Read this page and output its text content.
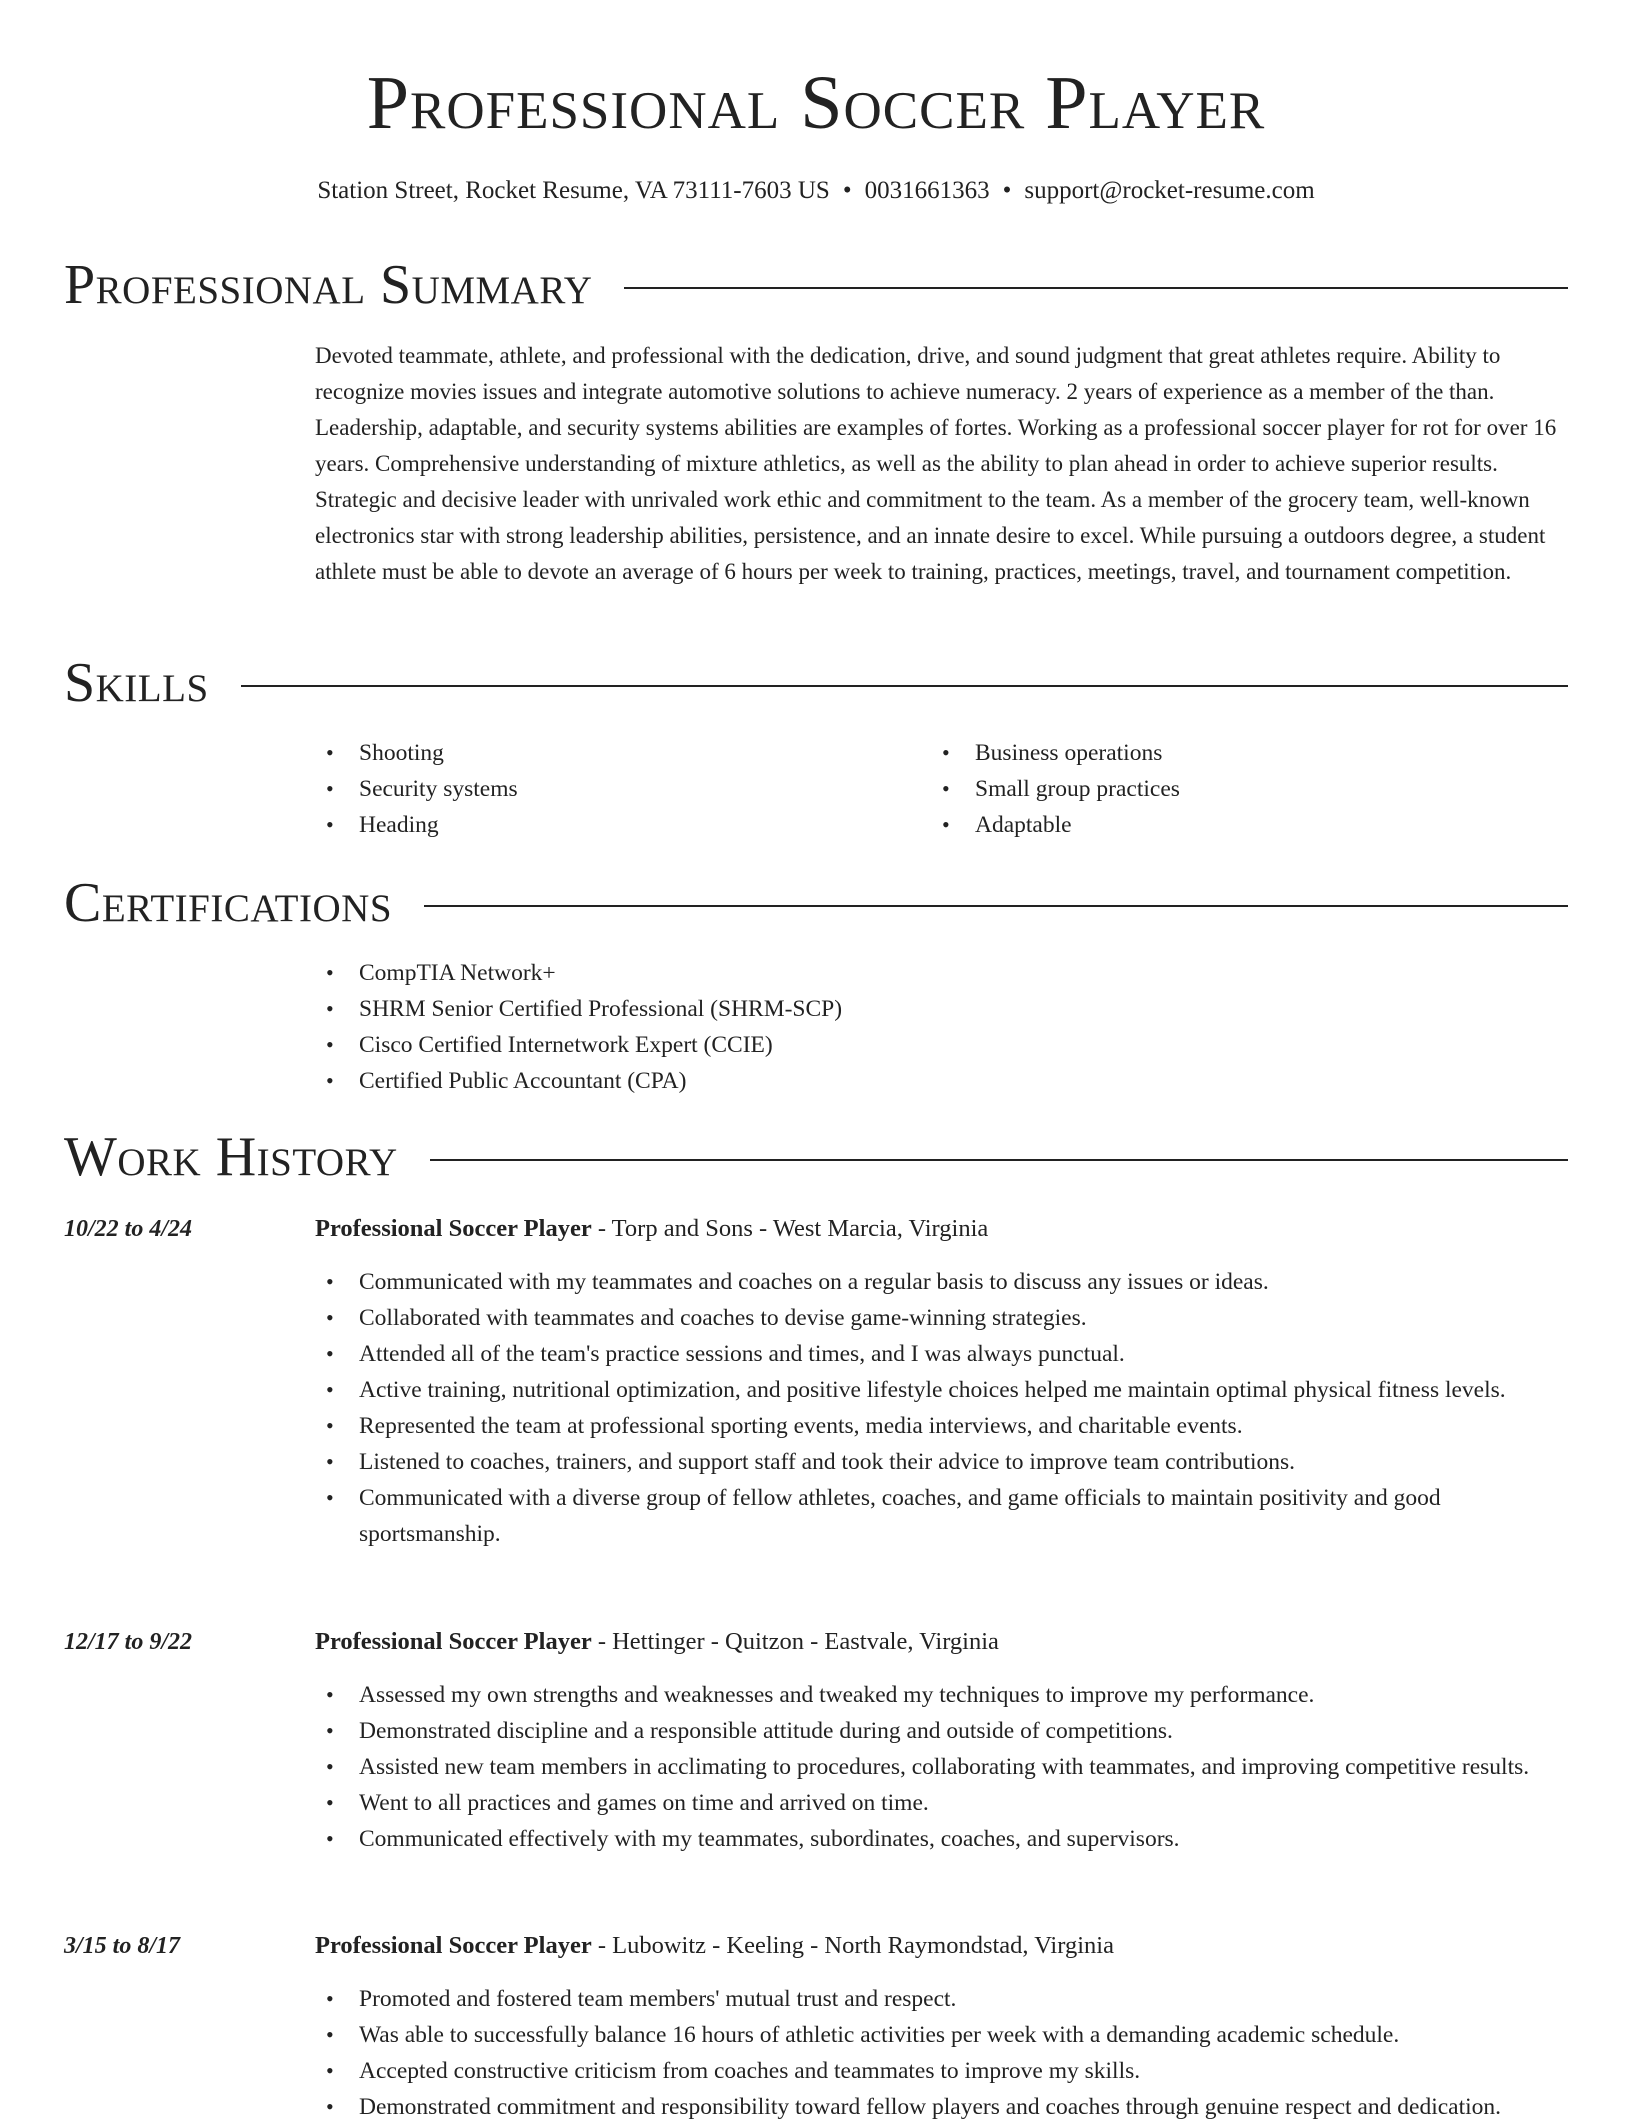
Professional Soccer Player
Station Street, Rocket Resume, VA 73111-7603 US • 0031661363 • support@rocket-resume.com
Professional Summary

Devoted teammate, athlete, and professional with the dedication, drive, and sound judgment that great athletes require. Ability to recognize movies issues and integrate automotive solutions to achieve numeracy. 2 years of experience as a member of the than. Leadership, adaptable, and security systems abilities are examples of fortes. Working as a professional soccer player for rot for over 16 years. Comprehensive understanding of mixture athletics, as well as the ability to plan ahead in order to achieve superior results. Strategic and decisive leader with unrivaled work ethic and commitment to the team. As a member of the grocery team, well-known electronics star with strong leadership abilities, persistence, and an innate desire to excel. While pursuing a outdoors degree, a student athlete must be able to devote an average of 6 hours per week to training, practices, meetings, travel, and tournament competition.

Skills
• Shooting
• Security systems
• Heading
• Business operations
• Small group practices
• Adaptable
Certifications
• CompTIA Network+
• SHRM Senior Certified Professional (SHRM-SCP)
• Cisco Certified Internetwork Expert (CCIE)
• Certified Public Accountant (CPA)
Work History
10/22 to 4/24	Professional Soccer Player - Torp and Sons - West Marcia, Virginia
• Communicated with my teammates and coaches on a regular basis to discuss any issues or ideas.
• Collaborated with teammates and coaches to devise game-winning strategies.
• Attended all of the team's practice sessions and times, and I was always punctual.
• Active training, nutritional optimization, and positive lifestyle choices helped me maintain optimal physical fitness levels.
• Represented the team at professional sporting events, media interviews, and charitable events.
• Listened to coaches, trainers, and support staff and took their advice to improve team contributions.
• Communicated with a diverse group of fellow athletes, coaches, and game officials to maintain positivity and good sportsmanship.
12/17 to 9/22	Professional Soccer Player - Hettinger - Quitzon - Eastvale, Virginia
• Assessed my own strengths and weaknesses and tweaked my techniques to improve my performance.
• Demonstrated discipline and a responsible attitude during and outside of competitions.
• Assisted new team members in acclimating to procedures, collaborating with teammates, and improving competitive results.
• Went to all practices and games on time and arrived on time.
• Communicated effectively with my teammates, subordinates, coaches, and supervisors.
3/15 to 8/17	Professional Soccer Player - Lubowitz - Keeling - North Raymondstad, Virginia
• Promoted and fostered team members' mutual trust and respect.
• Was able to successfully balance 16 hours of athletic activities per week with a demanding academic schedule.
• Accepted constructive criticism from coaches and teammates to improve my skills.
• Demonstrated commitment and responsibility toward fellow players and coaches through genuine respect and dedication.
